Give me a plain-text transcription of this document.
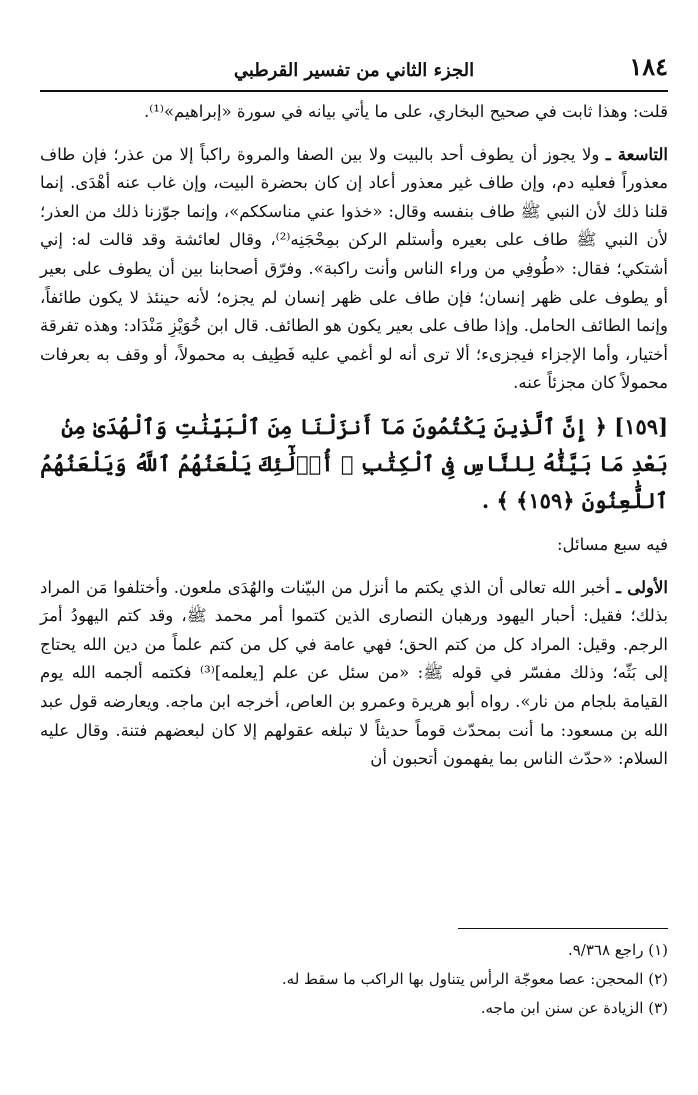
١٨٤
الجزء الثاني من تفسير القرطبي

قلت: وهذا ثابت في صحيح البخاري، على ما يأتي بيانه في سورة «إبراهيم»⁽¹⁾.

التاسعة ـ ولا يجوز أن يطوف أحد بالبيت ولا بين الصفا والمروة راكباً إلا من عذر؛ فإن طاف معذوراً فعليه دم، وإن طاف غير معذور أعاد إن كان بحضرة البيت، وإن غاب عنه أهْدَى. إنما قلنا ذلك لأن النبي ﷺ طاف بنفسه وقال: «خذوا عني مناسككم»، وإنما جوّزنا ذلك من العذر؛ لأن النبي ﷺ طاف على بعيره وأستلم الركن بمِحْجَنِه⁽²⁾، وقال لعائشة وقد قالت له: إني أشتكي؛ فقال: «طُوفِي من وراء الناس وأنت راكبة». وفرّق أصحابنا بين أن يطوف على بعير أو يطوف على ظهر إنسان؛ فإن طاف على ظهر إنسان لم يجزه؛ لأنه حينئذ لا يكون طائفاً، وإنما الطائف الحامل. وإذا طاف على بعير يكون هو الطائف. قال ابن خُوَيْزِ مَنْدَاد: وهذه تفرقة أختيار، وأما الإجزاء فيجزىء؛ ألا ترى أنه لو أغمي عليه فَطِيف به محمولاً، أو وقف به بعرفات محمولاً كان مجزئاً عنه.

[١٥٩] ﴿ إِنَّ ٱلَّذِينَ يَكْتُمُونَ مَآ أَنزَلْنَا مِنَ ٱلْبَيِّنَٰتِ وَٱلْهُدَىٰ مِنۢ بَعْدِ مَا بَيَّنَّٰهُ لِلنَّاسِ فِى ٱلْكِتَٰبِ ۙ أُو۟لَٰٓئِكَ يَلْعَنُهُمُ ٱللَّهُ وَيَلْعَنُهُمُ ٱللَّٰعِنُونَ ﴿١٥٩﴾ ﴾ .

فيه سبع مسائل:

الأولى ـ أخبر الله تعالى أن الذي يكتم ما أنزل من البيّنات والهُدَى ملعون. وأختلفوا مَن المراد بذلك؛ فقيل: أحبار اليهود ورهبان النصارى الذين كتموا أمر محمد ﷺ، وقد كتم اليهودُ أمرَ الرجم. وقيل: المراد كل من كتم الحق؛ فهي عامة في كل من كتم علماً من دين الله يحتاج إلى بَثّه؛ وذلك مفسّر في قوله ﷺ: «من سئل عن علم [يعلمه]⁽³⁾ فكتمه ألجمه الله يوم القيامة بلجام من نار». رواه أبو هريرة وعمرو بن العاص، أخرجه ابن ماجه. ويعارضه قول عبد الله بن مسعود: ما أنت بمحدّث قوماً حديثاً لا تبلغه عقولهم إلا كان لبعضهم فتنة. وقال عليه السلام: «حدّث الناس بما يفهمون أتحبون أن

(١) راجع ٩/٣٦٨.
(٢) المحجن: عصا معوجّة الرأس يتناول بها الراكب ما سقط له.
(٣) الزيادة عن سنن ابن ماجه.
